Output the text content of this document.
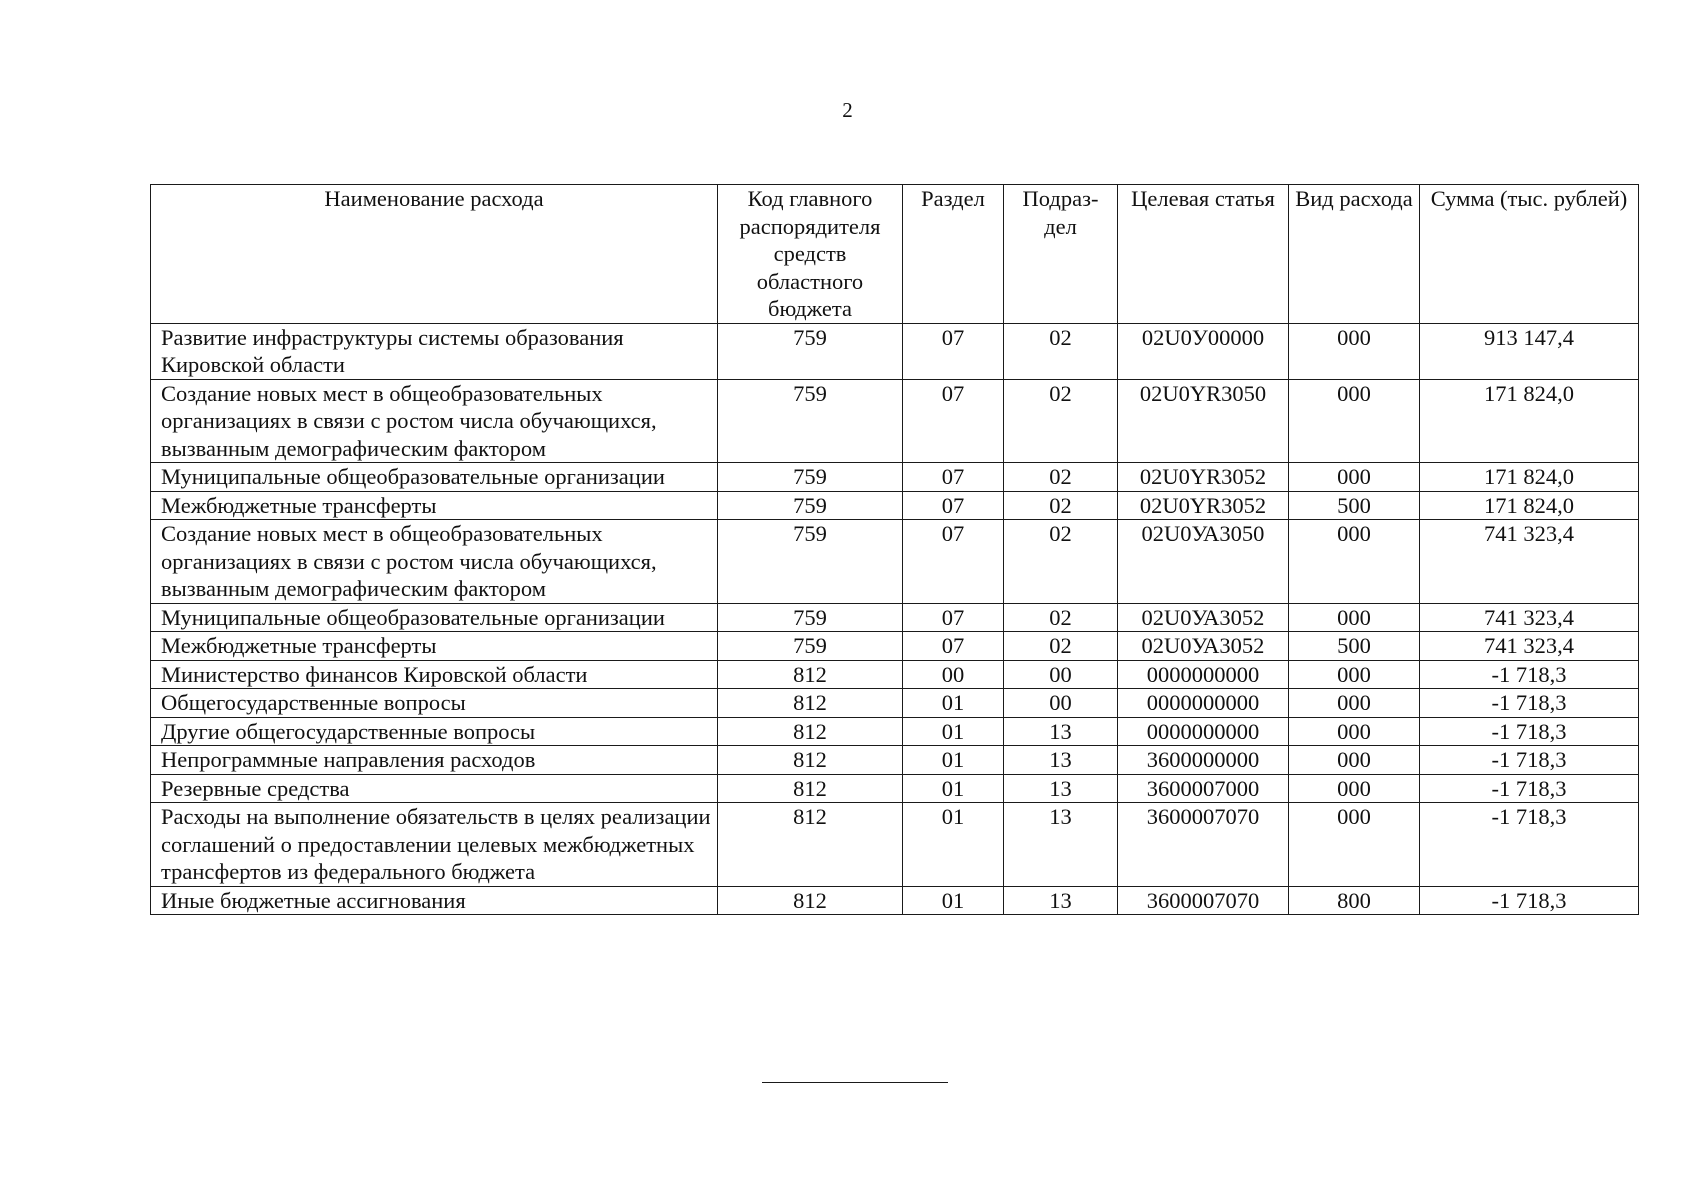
2
Наименование расхода	Код главного распорядителя средств областного бюджета	Раздел	Подраз-дел	Целевая статья	Вид расхода	Сумма (тыс. рублей)
Развитие инфраструктуры системы образования Кировской области	759	07	02	02U0У00000	000	913 147,4
Создание новых мест в общеобразовательных организациях в связи с ростом числа обучающихся, вызванным демографическим фактором	759	07	02	02U0YR3050	000	171 824,0
Муниципальные общеобразовательные организации	759	07	02	02U0YR3052	000	171 824,0
Межбюджетные трансферты	759	07	02	02U0YR3052	500	171 824,0
Создание новых мест в общеобразовательных организациях в связи с ростом числа обучающихся, вызванным демографическим фактором	759	07	02	02U0УА3050	000	741 323,4
Муниципальные общеобразовательные организации	759	07	02	02U0УА3052	000	741 323,4
Межбюджетные трансферты	759	07	02	02U0УА3052	500	741 323,4
Министерство финансов Кировской области	812	00	00	0000000000	000	-1 718,3
Общегосударственные вопросы	812	01	00	0000000000	000	-1 718,3
Другие общегосударственные вопросы	812	01	13	0000000000	000	-1 718,3
Непрограммные направления расходов	812	01	13	3600000000	000	-1 718,3
Резервные средства	812	01	13	3600007000	000	-1 718,3
Расходы на выполнение обязательств в целях реализации соглашений о предоставлении целевых межбюджетных трансфертов из федерального бюджета	812	01	13	3600007070	000	-1 718,3
Иные бюджетные ассигнования	812	01	13	3600007070	800	-1 718,3
